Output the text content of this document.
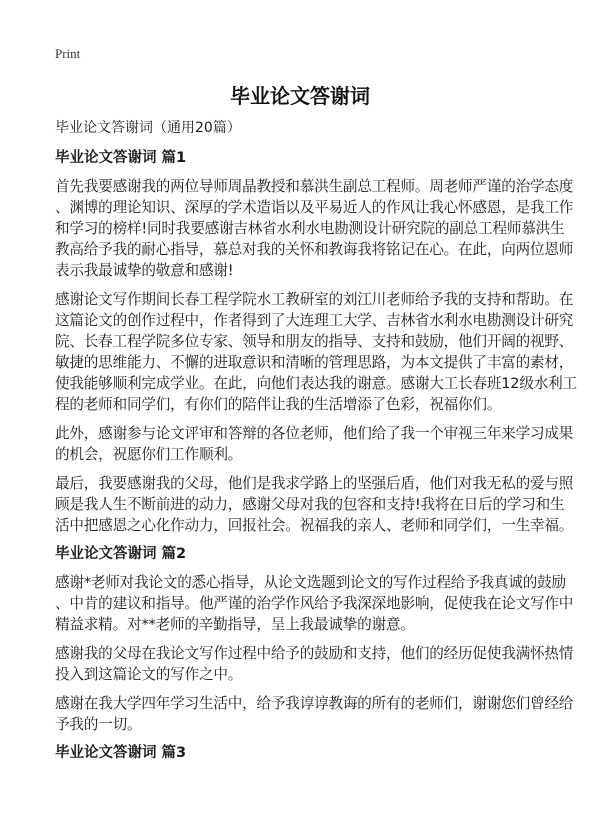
Print
毕业论文答谢词
毕业论文答谢词（通用20篇）
毕业论文答谢词 篇1
首先我要感谢我的两位导师周晶教授和慕洪生副总工程师。周老师严谨的治学态度
、渊博的理论知识、深厚的学术造诣以及平易近人的作风让我心怀感恩，是我工作
和学习的榜样!同时我要感谢吉林省水利水电勘测设计研究院的副总工程师慕洪生
教高给予我的耐心指导，慕总对我的关怀和教诲我将铭记在心。在此，向两位恩师
表示我最诚挚的敬意和感谢!
感谢论文写作期间长春工程学院水工教研室的刘江川老师给予我的支持和帮助。在
这篇论文的创作过程中，作者得到了大连理工大学、吉林省水利水电勘测设计研究
院、长春工程学院多位专家、领导和朋友的指导、支持和鼓励，他们开阔的视野、
敏捷的思维能力、不懈的进取意识和清晰的管理思路，为本文提供了丰富的素材，
使我能够顺利完成学业。在此，向他们表达我的谢意。感谢大工长春班12级水利工
程的老师和同学们，有你们的陪伴让我的生活增添了色彩，祝福你们。
此外，感谢参与论文评审和答辩的各位老师，他们给了我一个审视三年来学习成果
的机会，祝愿你们工作顺利。
最后，我要感谢我的父母，他们是我求学路上的坚强后盾，他们对我无私的爱与照
顾是我人生不断前进的动力，感谢父母对我的包容和支持!我将在日后的学习和生
活中把感恩之心化作动力，回报社会。祝福我的亲人、老师和同学们，一生幸福。
毕业论文答谢词 篇2
感谢*老师对我论文的悉心指导，从论文选题到论文的写作过程给予我真诚的鼓励
、中肯的建议和指导。他严谨的治学作风给予我深深地影响，促使我在论文写作中
精益求精。对**老师的辛勤指导，呈上我最诚挚的谢意。
感谢我的父母在我论文写作过程中给予的鼓励和支持，他们的经历促使我满怀热情
投入到这篇论文的写作之中。
感谢在我大学四年学习生活中，给予我谆谆教诲的所有的老师们，谢谢您们曾经给
予我的一切。
毕业论文答谢词 篇3
